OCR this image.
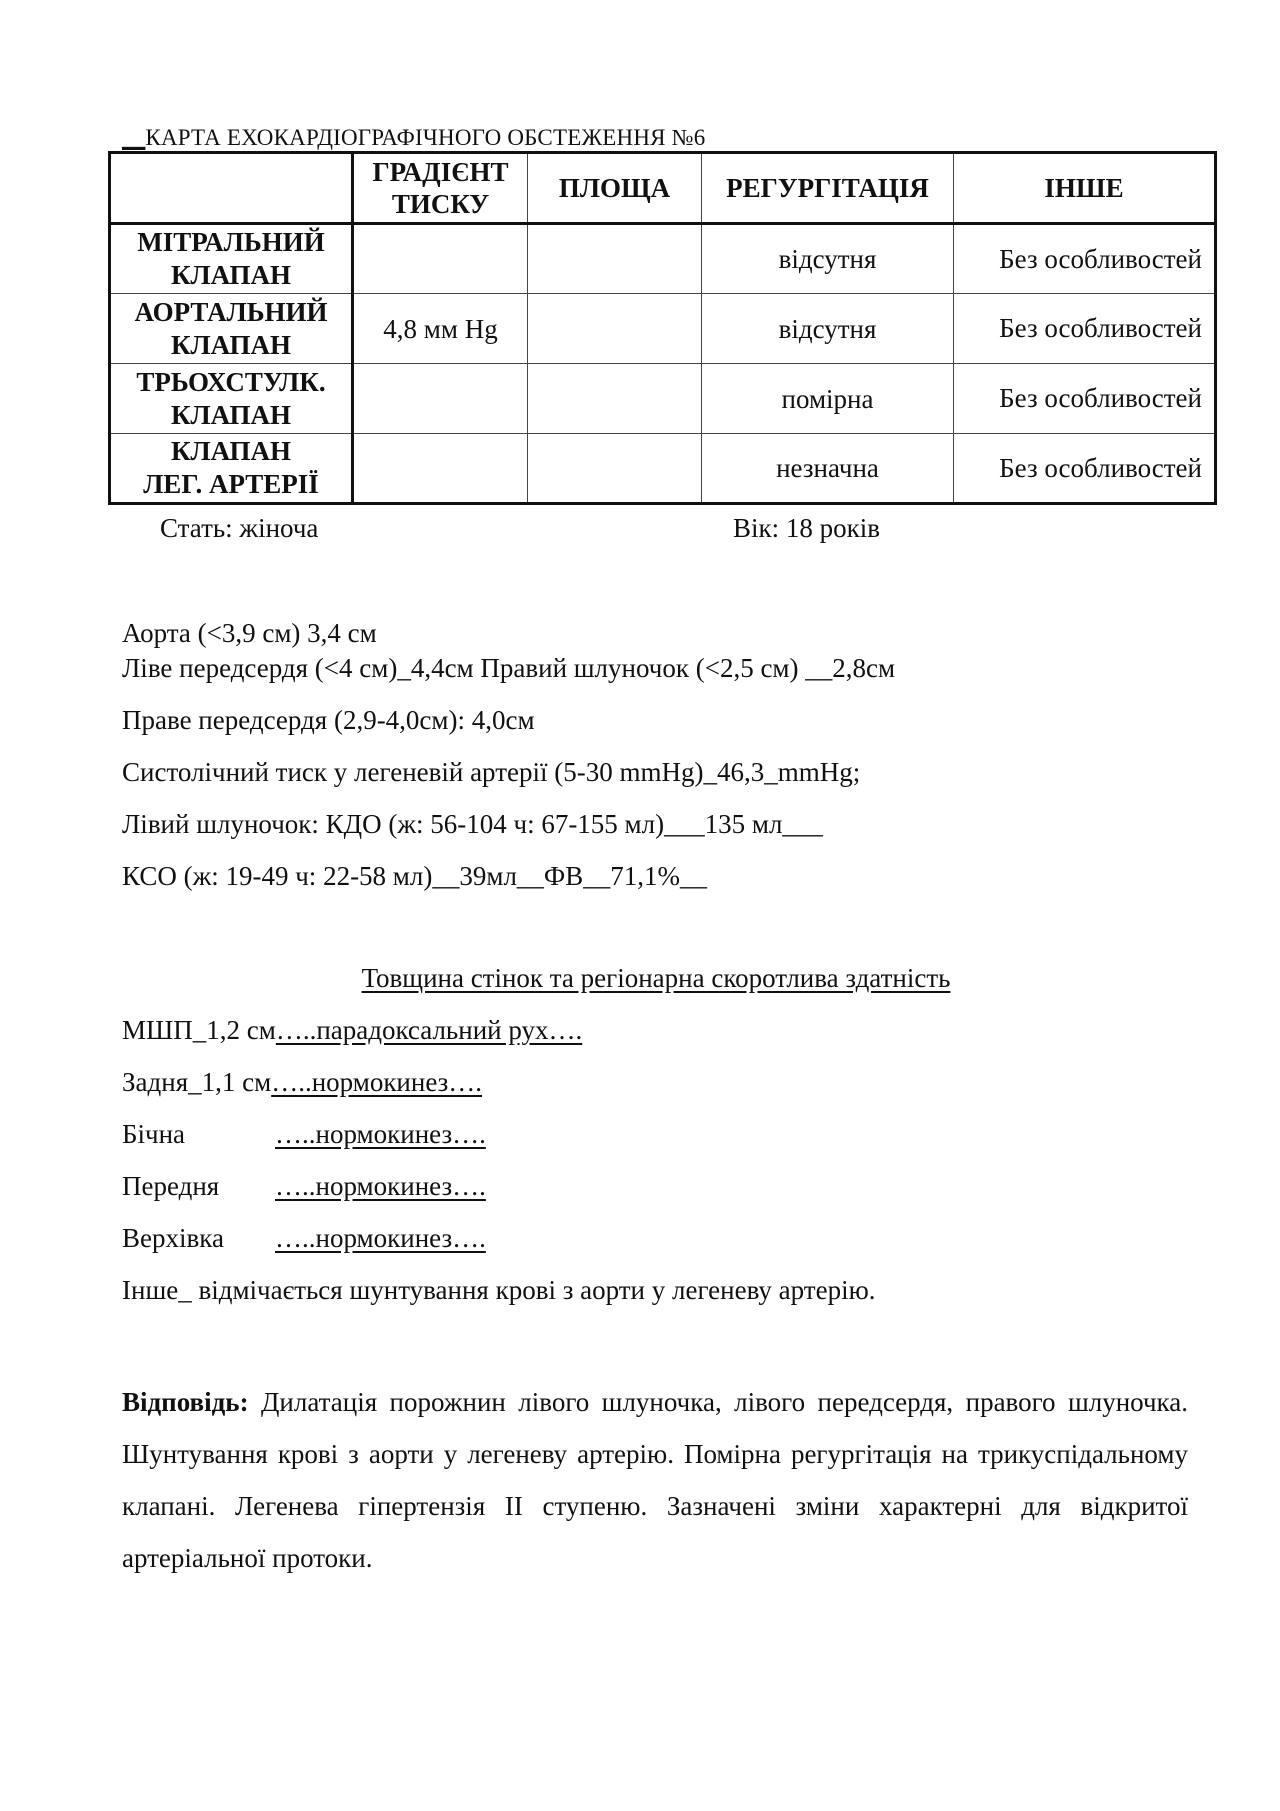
__КАРТА ЕХОКАРДІОГРАФІЧНОГО ОБСТЕЖЕННЯ №6
	ГРАДІЄНТ ТИСКУ	ПЛОЩА	РЕГУРГІТАЦІЯ	ІНШЕ

МІТРАЛЬНИЙ
КЛАПАН			відсутня	Без особливостей

АОРТАЛЬНИЙ
КЛАПАН	4,8 мм Hg		відсутня	Без особливостей

ТРЬОХСТУЛК.
КЛАПАН			помірна	Без особливостей

КЛАПАН
ЛЕГ. АРТЕРІЇ			незначна	Без особливостей
Стать: жіноча	Вік: 18 років
Аорта (<3,9 см) 3,4 см
Ліве передсердя (<4 см)_4,4см Правий шлуночок (<2,5 см) __2,8см
Праве передсердя (2,9-4,0см): 4,0см
Систолічний тиск у легеневій артерії (5-30 mmHg)_46,3_mmHg;
Лівий шлуночок: КДО (ж: 56-104 ч: 67-155 мл)___135 мл___
КСО (ж: 19-49 ч: 22-58 мл)__39мл__ФВ__71,1%__
Товщина стінок та регіонарна скоротлива здатність
МШП_1,2 см…..парадоксальний рух….
Задня_1,1 см…..нормокинез….
Бічна	…..нормокинез….
Передня …..нормокинез….
Верхівка …..нормокинез….
Інше_ відмічається шунтування крові з аорти у легеневу артерію.
Відповідь: Дилатація порожнин лівого шлуночка, лівого передсердя, правого шлуночка. Шунтування крові з аорти у легеневу артерію. Помірна регургітація на трикуспідальному клапані. Легенева гіпертензія ІІ ступеню. Зазначені зміни характерні для відкритої артеріальної протоки.
